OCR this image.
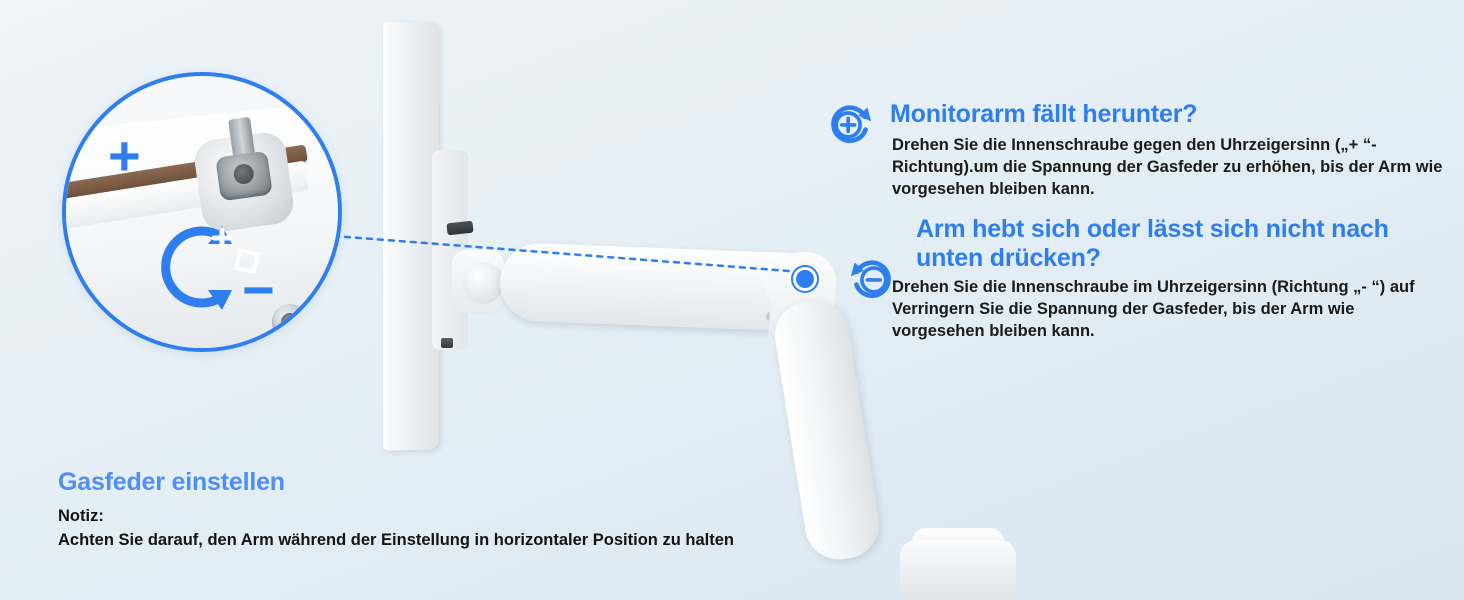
+
−
Monitorarm fällt herunter?

Drehen Sie die Innenschraube gegen den Uhrzeigersinn („+ “-Richtung).um die Spannung der Gasfeder zu erhöhen, bis der Arm wie vorgesehen bleiben kann.

Arm hebt sich oder lässt sich nicht nach unten drücken?

Drehen Sie die Innenschraube im Uhrzeigersinn (Richtung „- “) auf Verringern Sie die Spannung der Gasfeder, bis der Arm wie vorgesehen bleiben kann.

Gasfeder einstellen

Notiz:

Achten Sie darauf, den Arm während der Einstellung in horizontaler Position zu halten
